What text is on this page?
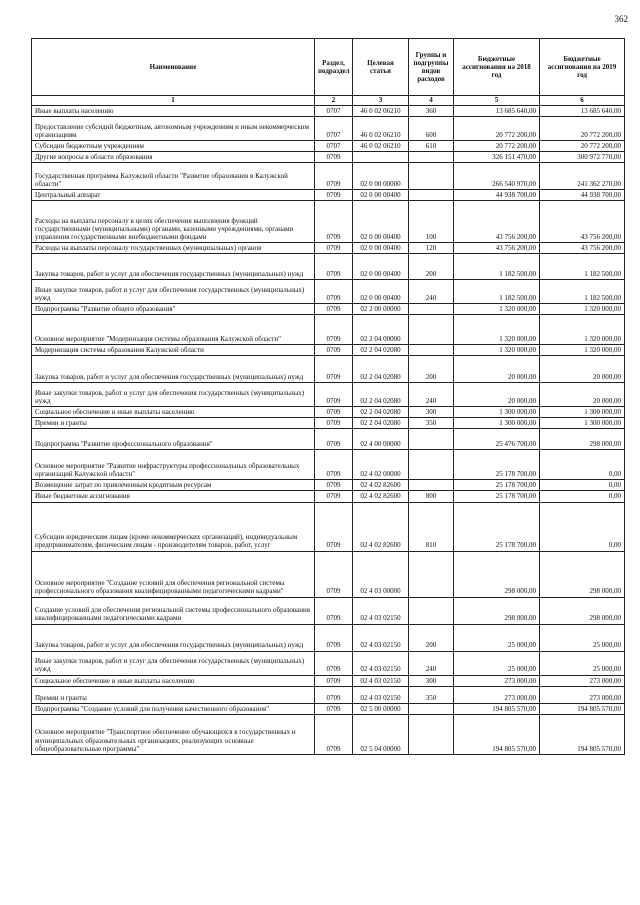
362
Наименование	Раздел, подраздел	Целевая статья	Группы и подгруппы видов расходов	Бюджетные ассигнования на 2018 год	Бюджетные ассигнования на 2019 год
1	2	3	4	5	6
Иные выплаты населению	0707	46 0 02 06210	360	13 685 640,00	13 685 640,00
Предоставление субсидий бюджетным, автономным учреждениям и иным некоммерческим организациям	0707	46 0 02 06210	600	20 772 200,00	20 772 200,00
Субсидии бюджетным учреждениям	0707	46 0 02 06210	610	20 772 200,00	20 772 200,00
Другие вопросы в области образования	0709			326 151 470,00	300 972 770,00
Государственная программа Калужской области "Развитие образования в Калужской области"	0709	02 0 00 00000		266 540 970,00	241 362 270,00
Центральный аппарат	0709	02 0 00 00400		44 938 700,00	44 938 700,00
Расходы на выплаты персоналу в целях обеспечения выполнения функций государственными (муниципальными) органами, казенными учреждениями, органами управления государственными внебюджетными фондами	0709	02 0 00 00400	100	43 756 200,00	43 756 200,00
Расходы на выплаты персоналу государственных (муниципальных) органов	0709	02 0 00 00400	120	43 756 200,00	43 756 200,00
Закупка товаров, работ и услуг для обеспечения государственных (муниципальных) нужд	0709	02 0 00 00400	200	1 182 500,00	1 182 500,00
Иные закупки товаров, работ и услуг для обеспечения государственных (муниципальных) нужд	0709	02 0 00 00400	240	1 182 500,00	1 182 500,00
Подпрограмма "Развитие общего образования"	0709	02 2 00 00000		1 320 000,00	1 320 000,00
Основное мероприятие "Модернизация системы образования Калужской области"	0709	02 2 04 00000		1 320 000,00	1 320 000,00
Модернизация системы образования Калужской области	0709	02 2 04 02080		1 320 000,00	1 320 000,00
Закупка товаров, работ и услуг для обеспечения государственных (муниципальных) нужд	0709	02 2 04 02080	200	20 000,00	20 000,00
Иные закупки товаров, работ и услуг для обеспечения государственных (муниципальных) нужд	0709	02 2 04 02080	240	20 000,00	20 000,00
Социальное обеспечение и иные выплаты населению	0709	02 2 04 02080	300	1 300 000,00	1 300 000,00
Премии и гранты	0709	02 2 04 02080	350	1 300 000,00	1 300 000,00
Подпрограмма "Развитие профессионального образования"	0709	02 4 00 00000		25 476 700,00	298 000,00
Основное мероприятие "Развитие инфраструктуры профессиональных образовательных организаций Калужской области"	0709	02 4 02 00000		25 178 700,00	0,00
Возмещение затрат по привлеченным кредитным ресурсам	0709	02 4 02 82600		25 178 700,00	0,00
Иные бюджетные ассигнования	0709	02 4 02 82600	800	25 178 700,00	0,00
Субсидии юридическим лицам (кроме некоммерческих организаций), индивидуальным предпринимателям, физическим лицам - производителям товаров, работ, услуг	0709	02 4 02 82600	810	25 178 700,00	0,00
Основное мероприятие "Создание условий для обеспечения региональной системы профессионального образования квалифицированными педагогическими кадрами"	0709	02 4 03 00000		298 000,00	298 000,00
Создание условий для обеспечения региональной системы профессионального образования квалифицированными педагогическими кадрами	0709	02 4 03 02150		298 000,00	298 000,00
Закупка товаров, работ и услуг для обеспечения государственных (муниципальных) нужд	0709	02 4 03 02150	200	25 000,00	25 000,00
Иные закупки товаров, работ и услуг для обеспечения государственных (муниципальных) нужд	0709	02 4 03 02150	240	25 000,00	25 000,00
Социальное обеспечение и иные выплаты населению	0709	02 4 03 02150	300	273 000,00	273 000,00
Премии и гранты	0709	02 4 03 02150	350	273 000,00	273 000,00
Подпрограмма "Создание условий для получения качественного образования"	0709	02 5 00 00000		194 805 570,00	194 805 570,00
Основное мероприятие "Транспортное обеспечение обучающихся в государственных и муниципальных образовательных организациях, реализующих основные общеобразовательные программы"	0709	02 5 04 00000		194 805 570,00	194 805 570,00
